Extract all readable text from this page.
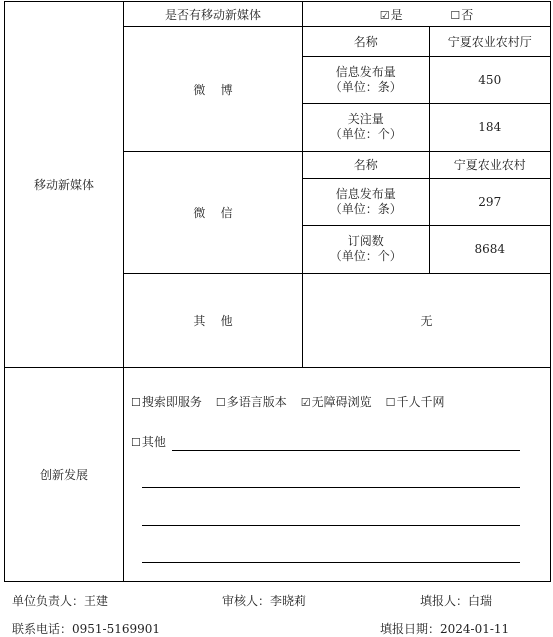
移动新媒体	是否有移动新媒体	☑是	☐否
微    博	
名称	宁夏农业农村厅
信息发布量
（单位：条）	450
关注量
（单位：个）	184

微    信	
名称	宁夏农业农村
信息发布量
（单位：条）	297
订阅数
（单位：个）	8684

其    他	无
创新发展	
☐搜索即服务 ☐多语言版本 ☑无障碍浏览 ☐千人千网
☐其他
单位负责人：王建	审核人：李晓莉	填报人：白瑞
联系电话：0951-5169901	填报日期：2024-01-11
